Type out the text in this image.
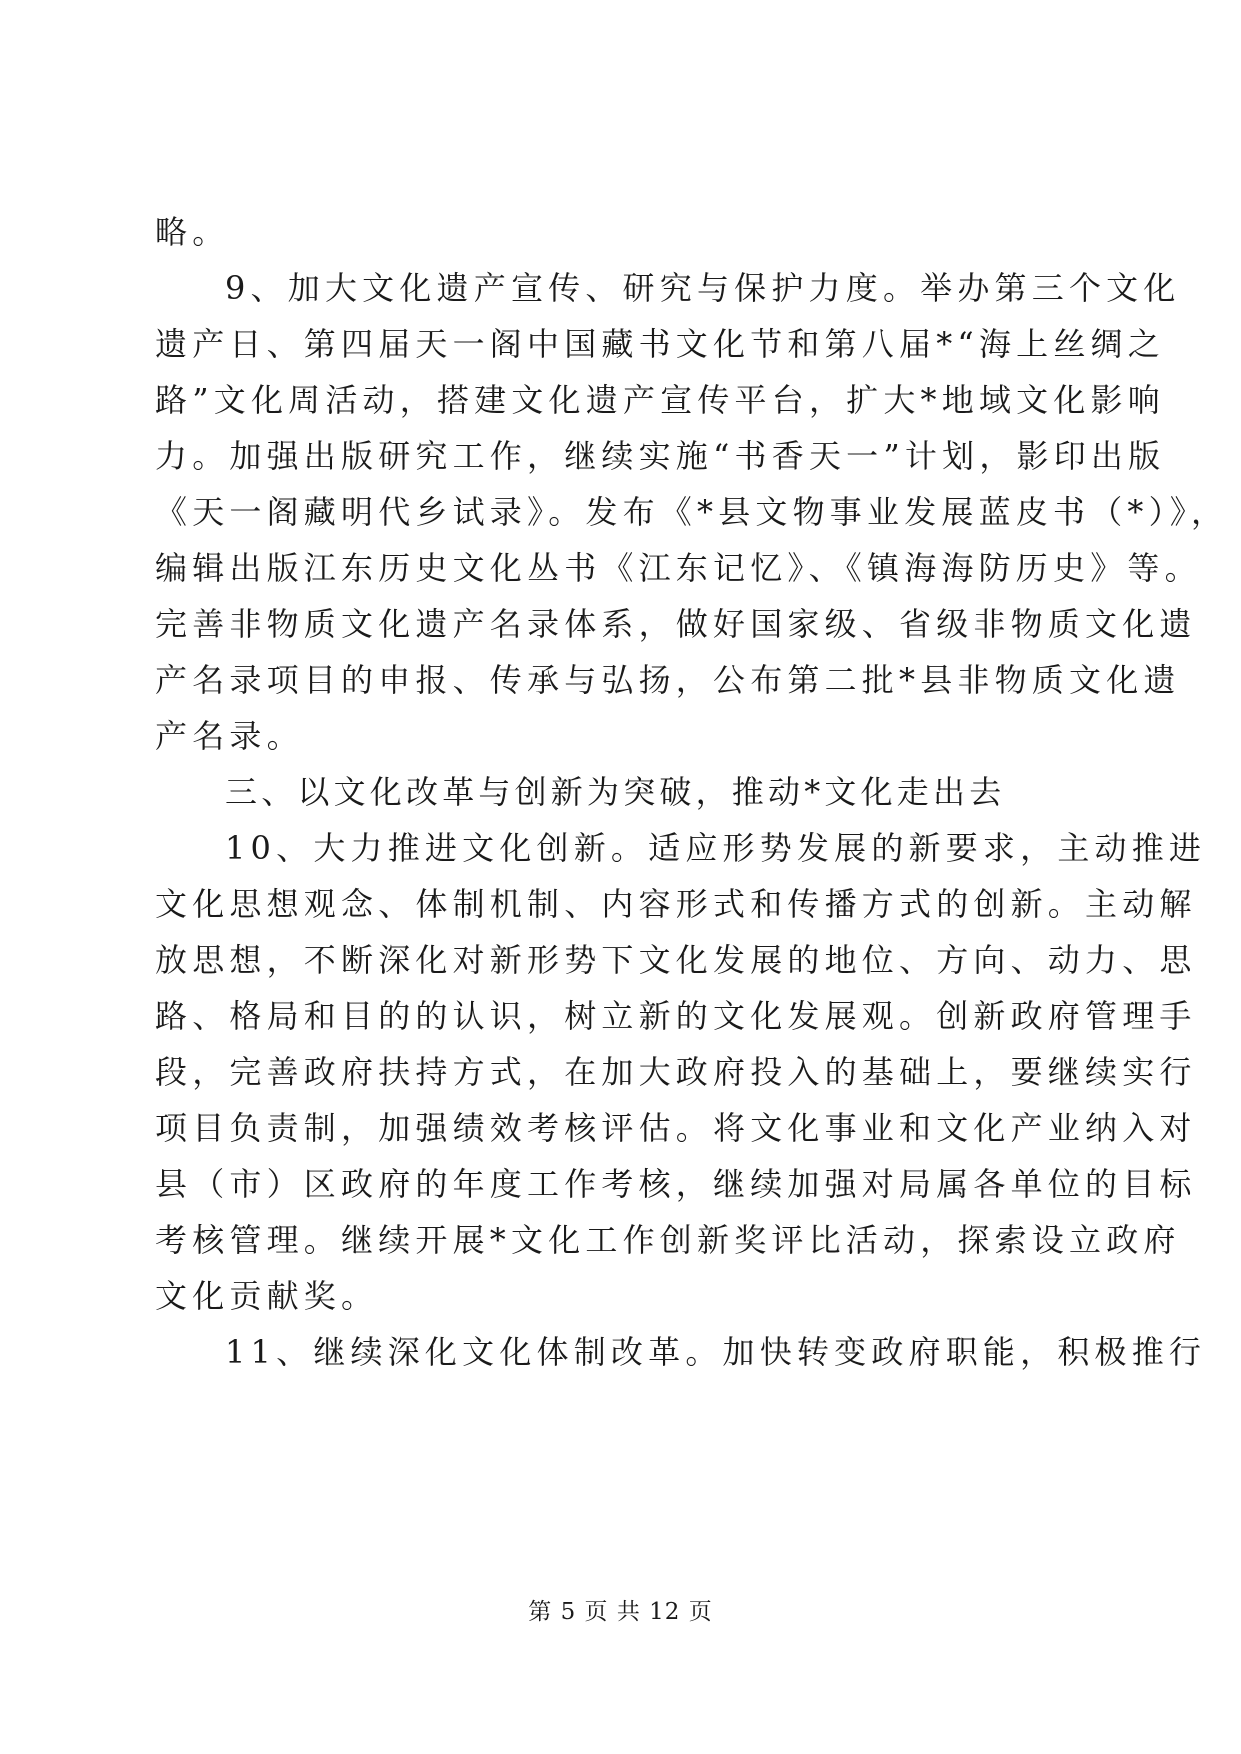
略。
9、加大文化遗产宣传、研究与保护力度。举办第三个文化
遗产日、第四届天一阁中国藏书文化节和第八届*“海上丝绸之
路”文化周活动，搭建文化遗产宣传平台，扩大*地域文化影响
力。加强出版研究工作，继续实施“书香天一”计划，影印出版
《天一阁藏明代乡试录》。发布《*县文物事业发展蓝皮书（*）》，
编辑出版江东历史文化丛书《江东记忆》、《镇海海防历史》等。
完善非物质文化遗产名录体系，做好国家级、省级非物质文化遗
产名录项目的申报、传承与弘扬，公布第二批*县非物质文化遗
产名录。
三、以文化改革与创新为突破，推动*文化走出去
10、大力推进文化创新。适应形势发展的新要求，主动推进
文化思想观念、体制机制、内容形式和传播方式的创新。主动解
放思想，不断深化对新形势下文化发展的地位、方向、动力、思
路、格局和目的的认识，树立新的文化发展观。创新政府管理手
段，完善政府扶持方式，在加大政府投入的基础上，要继续实行
项目负责制，加强绩效考核评估。将文化事业和文化产业纳入对
县（市）区政府的年度工作考核，继续加强对局属各单位的目标
考核管理。继续开展*文化工作创新奖评比活动，探索设立政府
文化贡献奖。
11、继续深化文化体制改革。加快转变政府职能，积极推行
第 5 页 共 12 页
